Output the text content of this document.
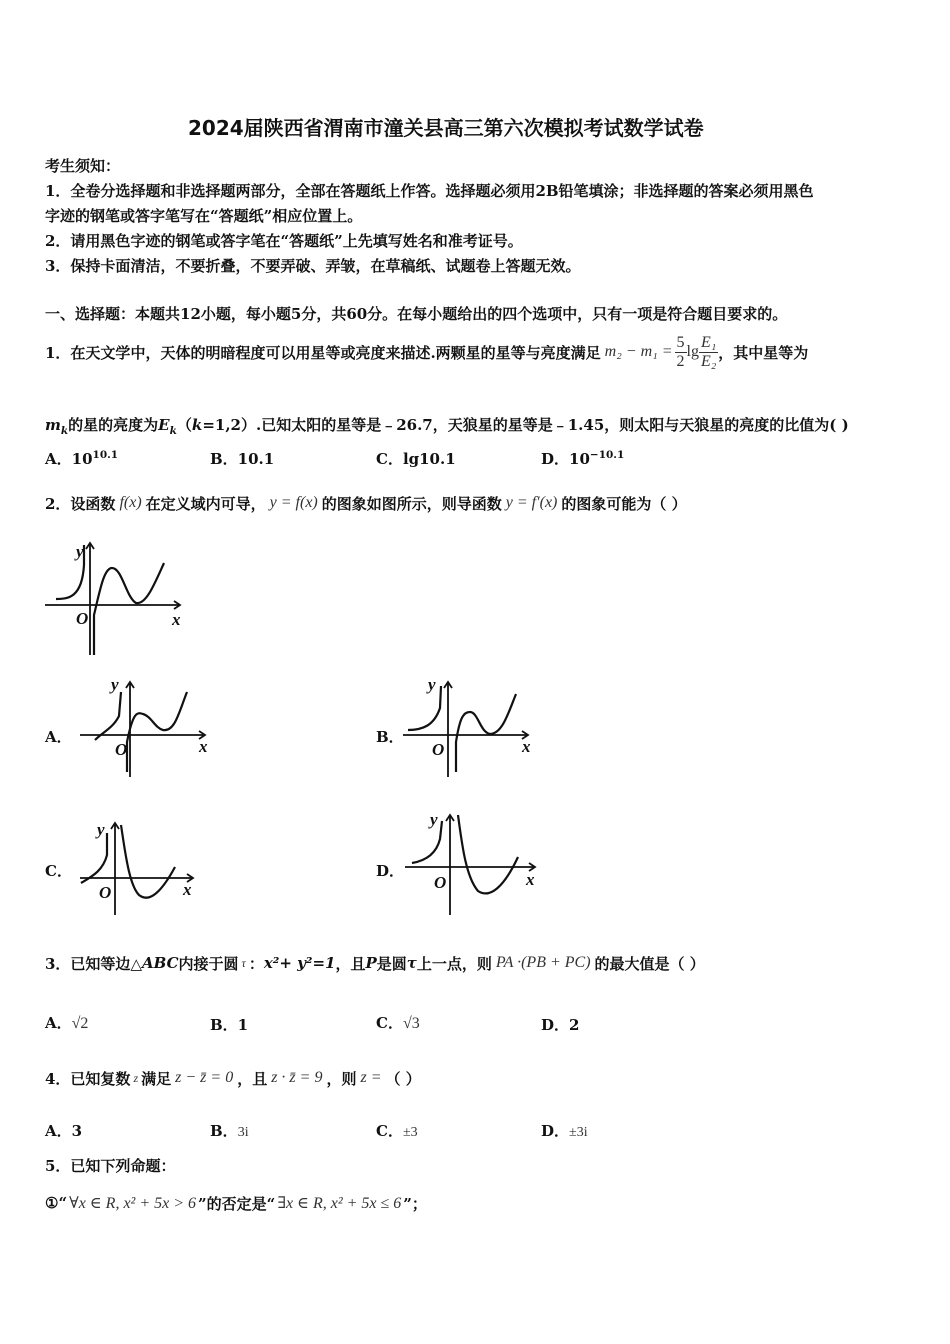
2024届陕西省渭南市潼关县高三第六次模拟考试数学试卷
考生须知：
1．全卷分选择题和非选择题两部分，全部在答题纸上作答。选择题必须用2B铅笔填涂；非选择题的答案必须用黑色
字迹的钢笔或答字笔写在“答题纸”相应位置上。
2．请用黑色字迹的钢笔或答字笔在“答题纸”上先填写姓名和准考证号。
3．保持卡面清洁，不要折叠，不要弄破、弄皱，在草稿纸、试题卷上答题无效。
一、选择题：本题共12小题，每小题5分，共60分。在每小题给出的四个选项中，只有一项是符合题目要求的。
1．在天文学中，天体的明暗程度可以用星等或亮度来描述.两颗星的星等与亮度满足 $m_2 - m_1 = \frac{5}{2}$ $\lg \frac{\text{E₁}}{\text{E₂}}$ ，其中星等为
$m_k$的星的亮度为$E_k(k=1,2)$.已知太阳的星等是﹣26.7，天狼星的星等是﹣1.45，则太阳与天狼星的亮度的比值为( )
A．$10^{10.1}$	B．10.1	C．lg10.1	D．$10^{-10.1}$
2．设函数 f(x) 在定义域内可导， y = f(x) 的图象如图所示，则导函数 y = f′(x) 的图象可能为（ ）
y
x
O
A．
y
x
O
B．
y
x
O
C．
y
x
O
D．
y
x
O
3．已知等边△ ABC 内接于圆 τ ： x²+ y²=1 ，且 P 是圆 τ 上一点，则 PA ·(PB + PC) 的最大值是（ ）
A．√2	B．1	C．√3	D．2
4．已知复数 z 满足 z − z̄ = 0 ，且 z · z̄ = 9 ，则 z = （ ）
A．3	B．3i	C．±3	D．±3i
5．已知下列命题：
①“ ∀x ∈ R, x² + 5x > 6 ”的否定是“ ∃x ∈ R, x² + 5x ≤ 6 ”；
